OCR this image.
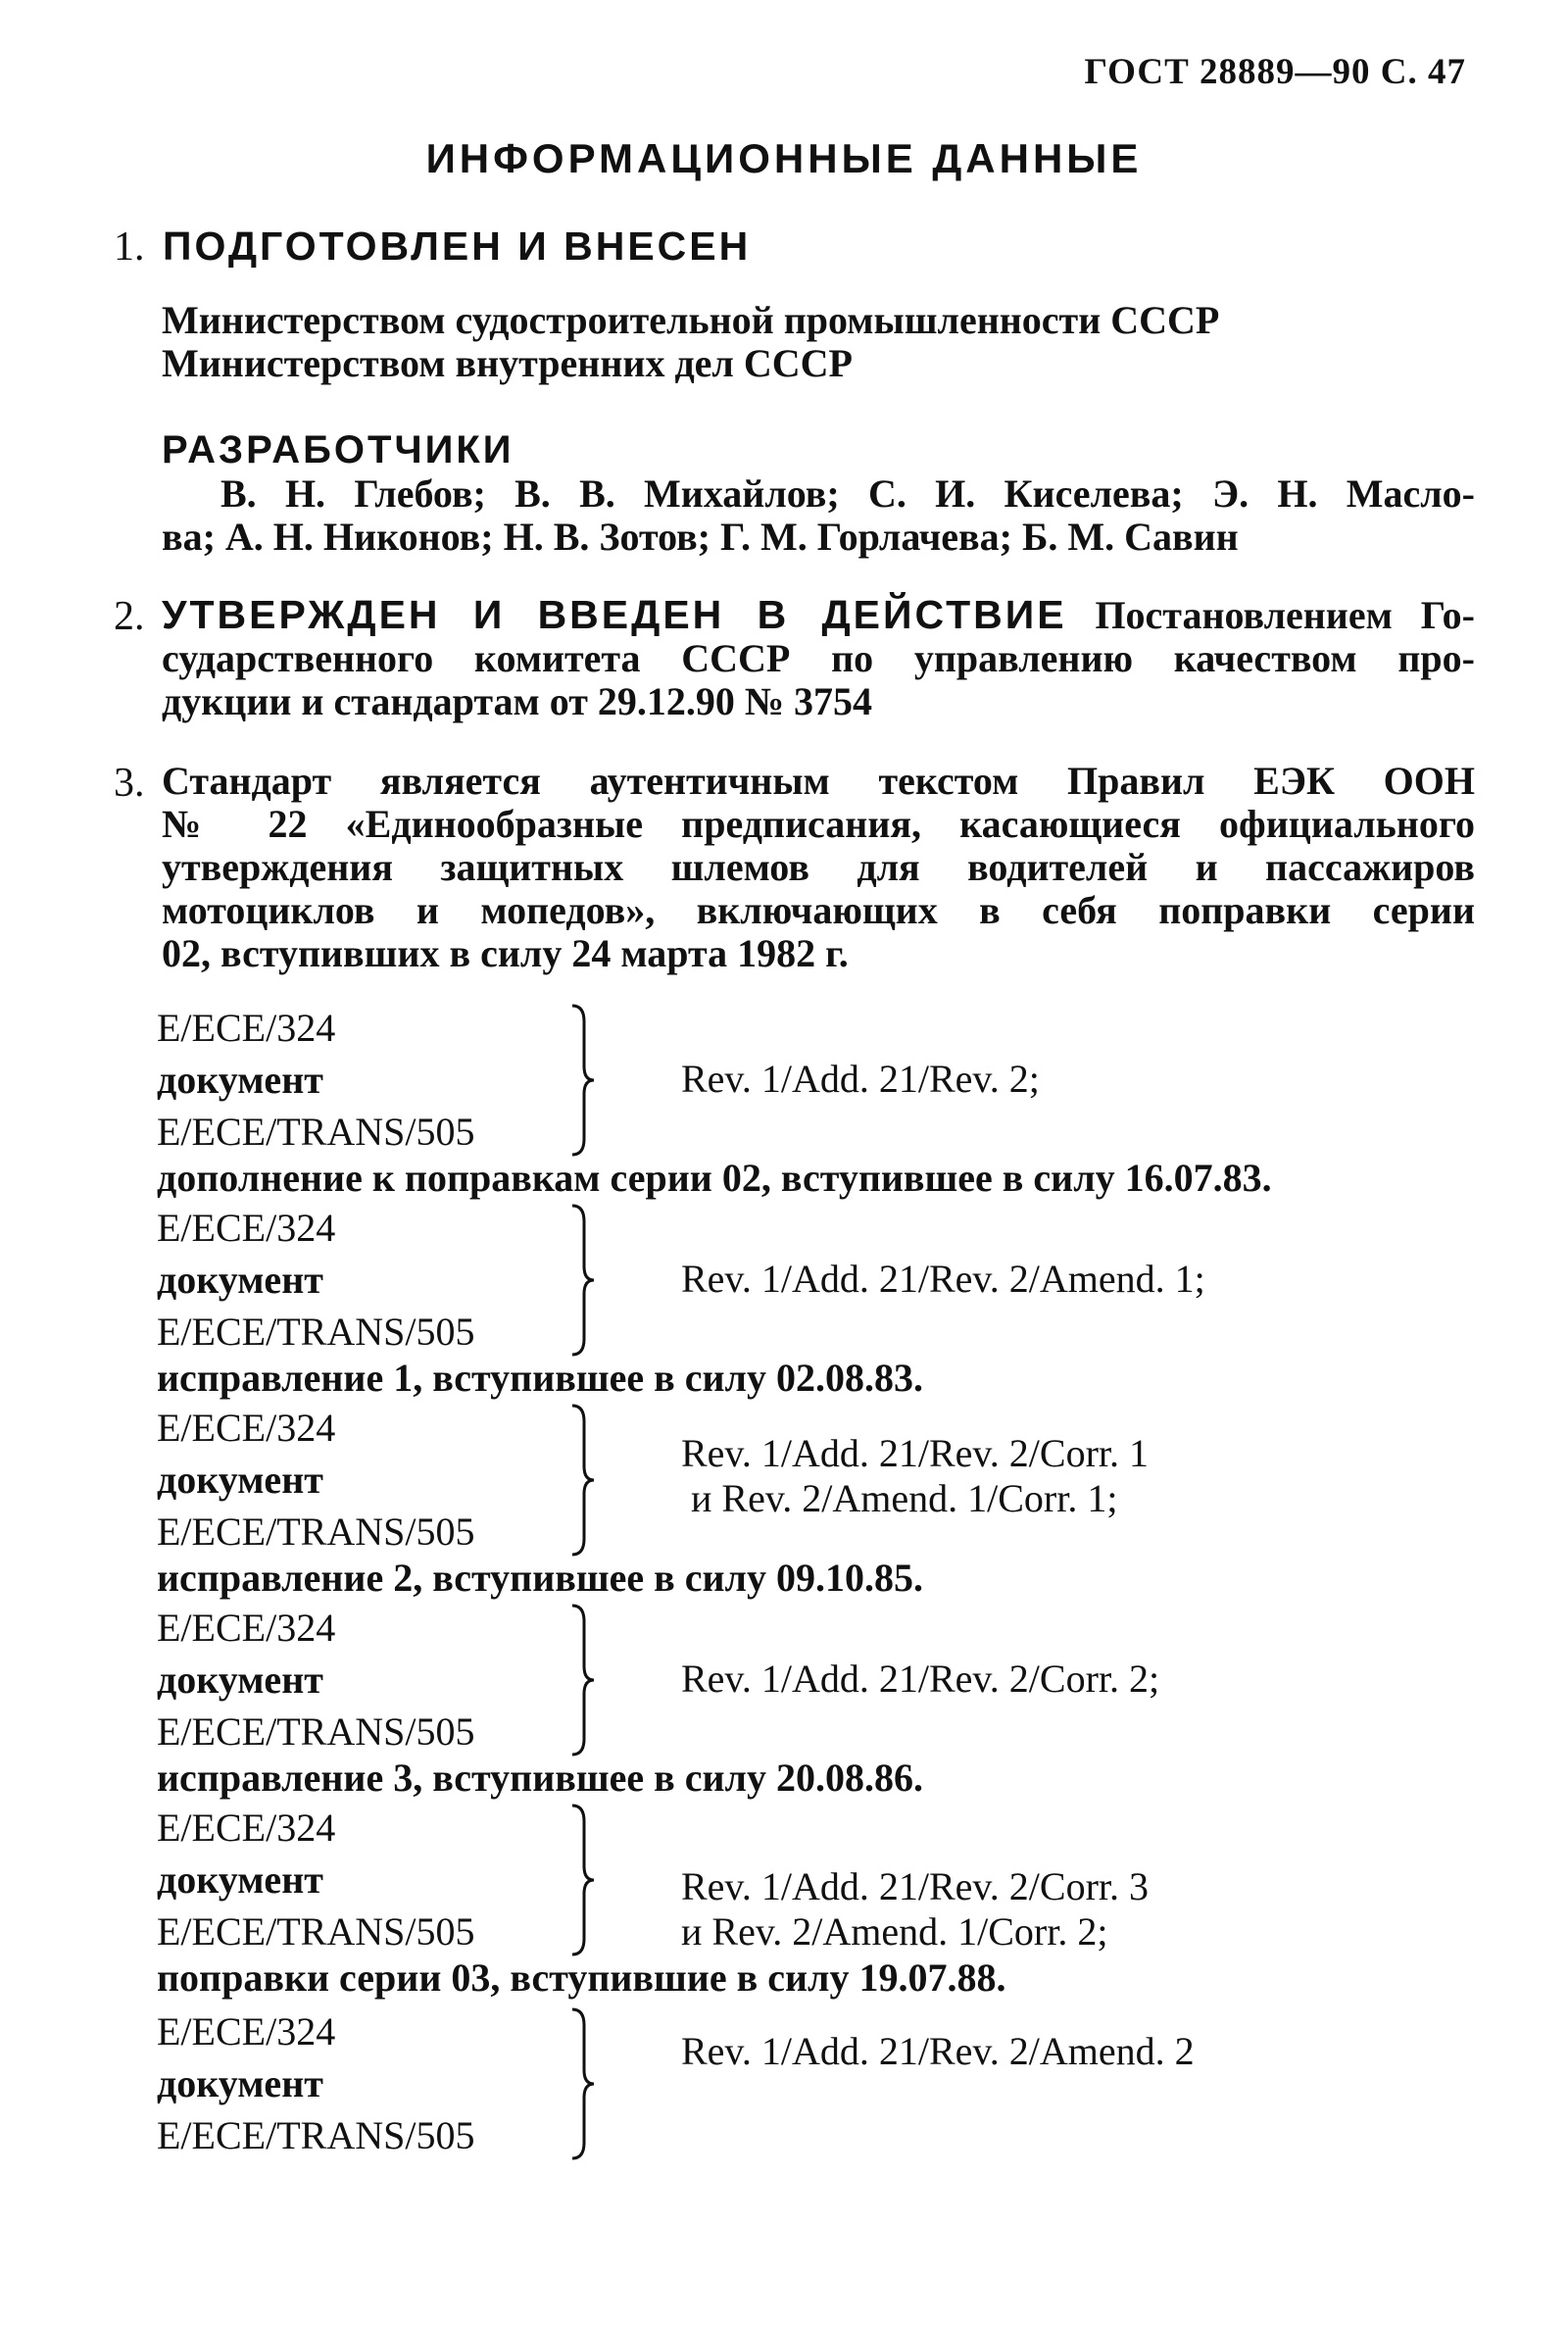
ГОСТ 28889—90 С. 47
ИНФОРМАЦИОННЫЕ ДАННЫЕ
1. ПОДГОТОВЛЕН И ВНЕСЕН
Министерством судостроительной промышленности СССР
Министерством внутренних дел СССР
РАЗРАБОТЧИКИ
В. Н. Глебов; В. В. Михайлов; С. И. Киселева; Э. Н. Масло-
ва; А. Н. Никонов; Н. В. Зотов; Г. М. Горлачева; Б. М. Савин
2. УТВЕРЖДЕН И ВВЕДЕН В ДЕЙСТВИЕ Постановлением Го-
сударственного комитета СССР по управлению качеством про-
дукции и стандартам от 29.12.90 № 3754
3. Стандарт является аутентичным текстом Правил ЕЭК ООН
№ 22 «Единообразные предписания, касающиеся официального
утверждения защитных шлемов для водителей и пассажиров
мотоциклов и мопедов», включающих в себя поправки серии
02, вступивших в силу 24 марта 1982 г.
E/ECE/324
документ
E/ECE/TRANS/505
Rev. 1/Add. 21/Rev. 2;
дополнение к поправкам серии 02, вступившее в силу 16.07.83.
E/ECE/324
документ
E/ECE/TRANS/505
Rev. 1/Add. 21/Rev. 2/Amend. 1;
исправление 1, вступившее в силу 02.08.83.
E/ECE/324
документ
E/ECE/TRANS/505
Rev. 1/Add. 21/Rev. 2/Corr. 1
и Rev. 2/Amend. 1/Corr. 1;
исправление 2, вступившее в силу 09.10.85.
E/ECE/324
документ
E/ECE/TRANS/505
Rev. 1/Add. 21/Rev. 2/Corr. 2;
исправление 3, вступившее в силу 20.08.86.
E/ECE/324
документ
E/ECE/TRANS/505
Rev. 1/Add. 21/Rev. 2/Corr. 3
и Rev. 2/Amend. 1/Corr. 2;
поправки серии 03, вступившие в силу 19.07.88.
E/ECE/324
документ
E/ECE/TRANS/505
Rev. 1/Add. 21/Rev. 2/Amend. 2
